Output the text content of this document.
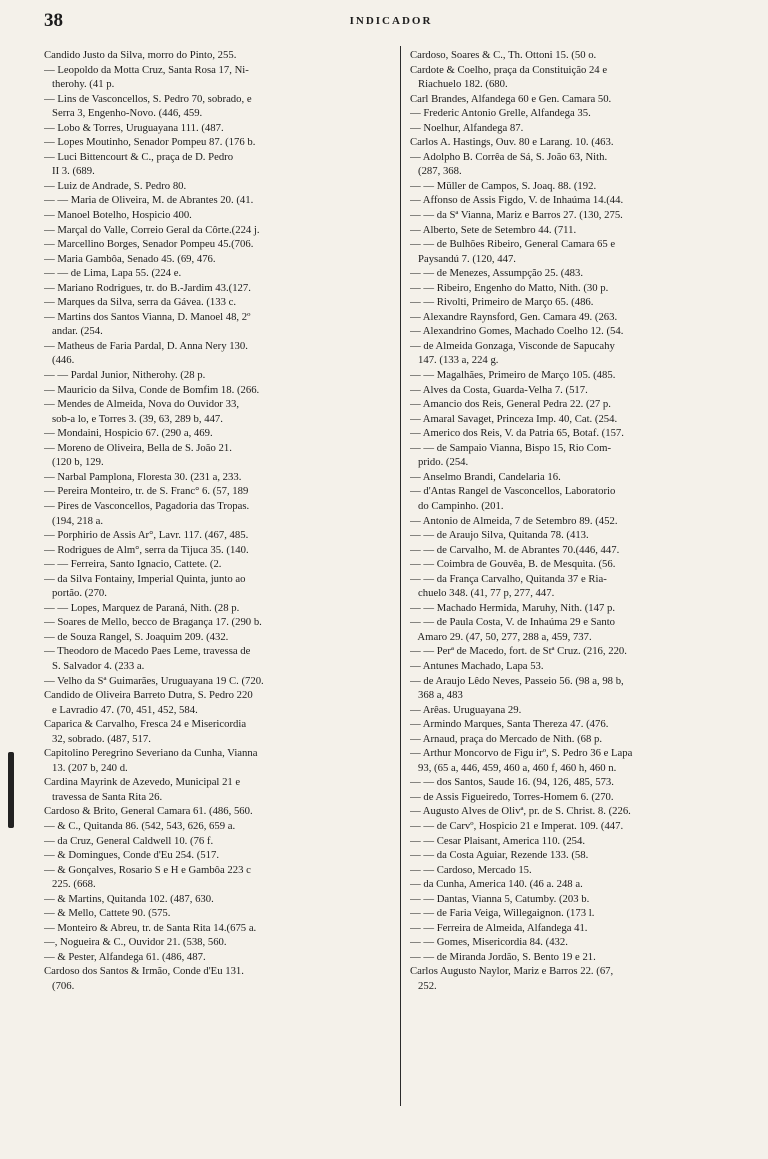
38	INDICADOR
Candido Justo da Silva, morro do Pinto, 255.
— Leopoldo da Motta Cruz, Santa Rosa 17, Ni-
therohy. (41 p.
— Lins de Vasconcellos, S. Pedro 70, sobrado, e
Serra 3, Engenho-Novo. (446, 459.
— Lobo & Torres, Uruguayana 111. (487.
— Lopes Moutinho, Senador Pompeu 87. (176 b.
— Luci Bittencourt & C., praça de D. Pedro
II 3. (689.
— Luiz de Andrade, S. Pedro 80.
— — Maria de Oliveira, M. de Abrantes 20. (41.
— Manoel Botelho, Hospicio 400.
— Marçal do Valle, Correio Geral da Côrte.(224 j.
— Marcellino Borges, Senador Pompeu 45.(706.
— Maria Gambôa, Senado 45. (69, 476.
— — de Lima, Lapa 55. (224 e.
— Mariano Rodrigues, tr. do B.-Jardim 43.(127.
— Marques da Silva, serra da Gávea. (133 c.
— Martins dos Santos Vianna, D. Manoel 48, 2º
andar. (254.
— Matheus de Faria Pardal, D. Anna Nery 130.
(446.
— — Pardal Junior, Nitherohy. (28 p.
— Mauricio da Silva, Conde de Bomfim 18. (266.
— Mendes de Almeida, Nova do Ouvidor 33,
sob-a lo, e Torres 3. (39, 63, 289 b, 447.
— Mondaini, Hospicio 67. (290 a, 469.
— Moreno de Oliveira, Bella de S. João 21.
(120 b, 129.
— Narbal Pamplona, Floresta 30. (231 a, 233.
— Pereira Monteiro, tr. de S. Franc° 6. (57, 189
— Pires de Vasconcellos, Pagadoria das Tropas.
(194, 218 a.
— Porphirio de Assis Ar°, Lavr. 117. (467, 485.
— Rodrigues de Alm°, serra da Tijuca 35. (140.
— — Ferreira, Santo Ignacio, Cattete. (2.
— da Silva Fontainy, Imperial Quinta, junto ao
portão. (270.
— — Lopes, Marquez de Paraná, Nith. (28 p.
— Soares de Mello, becco de Bragança 17. (290 b.
— de Souza Rangel, S. Joaquim 209. (432.
— Theodoro de Macedo Paes Leme, travessa de
S. Salvador 4. (233 a.
— Velho da Sª Guimarães, Uruguayana 19 C. (720.
Candido de Oliveira Barreto Dutra, S. Pedro 220
e Lavradio 47. (70, 451, 452, 584.
Caparica & Carvalho, Fresca 24 e Misericordia
32, sobrado. (487, 517.
Capitolino Peregrino Severiano da Cunha, Vianna
13. (207 b, 240 d.
Cardina Mayrink de Azevedo, Municipal 21 e
travessa de Santa Rita 26.
Cardoso & Brito, General Camara 61. (486, 560.
— & C., Quitanda 86. (542, 543, 626, 659 a.
— da Cruz, General Caldwell 10. (76 f.
— & Domingues, Conde d'Eu 254. (517.
— & Gonçalves, Rosario S e H e Gambôa 223 c
225. (668.
— & Martins, Quitanda 102. (487, 630.
— & Mello, Cattete 90. (575.
— Monteiro & Abreu, tr. de Santa Rita 14.(675 a.
—, Nogueira & C., Ouvidor 21. (538, 560.
— & Pester, Alfandega 61. (486, 487.
Cardoso dos Santos & Irmão, Conde d'Eu 131.
(706.
Cardoso, Soares & C., Th. Ottoni 15. (50 o.
Cardote & Coelho, praça da Constituição 24 e
Riachuelo 182. (680.
Carl Brandes, Alfandega 60 e Gen. Camara 50.
— Frederic Antonio Grelle, Alfandega 35.
— Noelhur, Alfandega 87.
Carlos A. Hastings, Ouv. 80 e Larang. 10. (463.
— Adolpho B. Corrêa de Sá, S. João 63, Nith.
(287, 368.
— — Müller de Campos, S. Joaq. 88. (192.
— Affonso de Assis Figdo, V. de Inhaúma 14.(44.
— — da Sª Vianna, Mariz e Barros 27. (130, 275.
— Alberto, Sete de Setembro 44. (711.
— — de Bulhões Ribeiro, General Camara 65 e
Paysandú 7. (120, 447.
— — de Menezes, Assumpção 25. (483.
— — Ribeiro, Engenho do Matto, Nith. (30 p.
— — Rivolti, Primeiro de Março 65. (486.
— Alexandre Raynsford, Gen. Camara 49. (263.
— Alexandrino Gomes, Machado Coelho 12. (54.
— de Almeida Gonzaga, Visconde de Sapucahy
147. (133 a, 224 g.
— — Magalhães, Primeiro de Março 105. (485.
— Alves da Costa, Guarda-Velha 7. (517.
— Amancio dos Reis, General Pedra 22. (27 p.
— Amaral Savaget, Princeza Imp. 40, Cat. (254.
— Americo dos Reis, V. da Patria 65, Botaf. (157.
— — de Sampaio Vianna, Bispo 15, Rio Com-
prido. (254.
— Anselmo Brandi, Candelaria 16.
— d'Antas Rangel de Vasconcellos, Laboratorio
do Campinho. (201.
— Antonio de Almeida, 7 de Setembro 89. (452.
— — de Araujo Silva, Quitanda 78. (413.
— — de Carvalho, M. de Abrantes 70.(446, 447.
— — Coimbra de Gouvêa, B. de Mesquita. (56.
— — da França Carvalho, Quitanda 37 e Ria-
chuelo 348. (41, 77 p, 277, 447.
— — Machado Hermida, Maruhy, Nith. (147 p.
— — de Paula Costa, V. de Inhaúma 29 e Santo
Amaro 29. (47, 50, 277, 288 a, 459, 737.
— — Perª de Macedo, fort. de Stª Cruz. (216, 220.
— Antunes Machado, Lapa 53.
— de Araujo Lêdo Neves, Passeio 56. (98 a, 98 b,
368 a, 483
— Arêas. Uruguayana 29.
— Armindo Marques, Santa Thereza 47. (476.
— Arnaud, praça do Mercado de Nith. (68 p.
— Arthur Moncorvo de Figu irº, S. Pedro 36 e Lapa
93, (65 a, 446, 459, 460 a, 460 f, 460 h, 460 n.
— — dos Santos, Saude 16. (94, 126, 485, 573.
— de Assis Figueiredo, Torres-Homem 6. (270.
— Augusto Alves de Olivª, pr. de S. Christ. 8. (226.
— — de Carvº, Hospicio 21 e Imperat. 109. (447.
— — Cesar Plaisant, America 110. (254.
— — da Costa Aguiar, Rezende 133. (58.
— — Cardoso, Mercado 15.
— da Cunha, America 140. (46 a. 248 a.
— — Dantas, Vianna 5, Catumby. (203 b.
— — de Faria Veiga, Willegaignon. (173 l.
— — Ferreira de Almeida, Alfandega 41.
— — Gomes, Misericordia 84. (432.
— — de Miranda Jordão, S. Bento 19 e 21.
Carlos Augusto Naylor, Mariz e Barros 22. (67,
252.
